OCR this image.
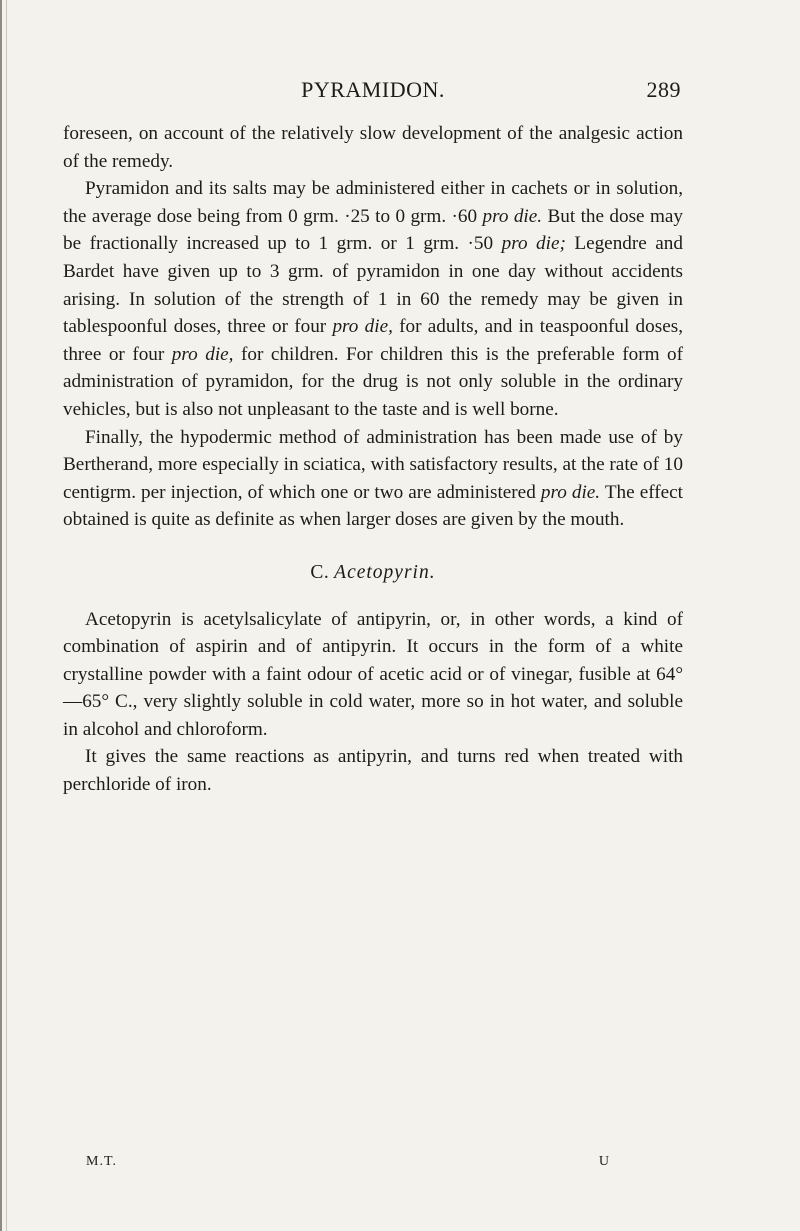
PYRAMIDON.	289

foreseen, on account of the relatively slow development of the analgesic action of the remedy.

Pyramidon and its salts may be administered either in cachets or in solution, the average dose being from 0 grm. ·25 to 0 grm. ·60 pro die. But the dose may be fractionally increased up to 1 grm. or 1 grm. ·50 pro die; Legendre and Bardet have given up to 3 grm. of pyramidon in one day without accidents arising. In solution of the strength of 1 in 60 the remedy may be given in tablespoonful doses, three or four pro die, for adults, and in teaspoonful doses, three or four pro die, for children. For children this is the preferable form of administration of pyramidon, for the drug is not only soluble in the ordinary vehicles, but is also not unpleasant to the taste and is well borne.

Finally, the hypodermic method of administration has been made use of by Bertherand, more especially in sciatica, with satisfactory results, at the rate of 10 centigrm. per injection, of which one or two are administered pro die. The effect obtained is quite as definite as when larger doses are given by the mouth.

C. Acetopyrin.

Acetopyrin is acetylsalicylate of antipyrin, or, in other words, a kind of combination of aspirin and of antipyrin. It occurs in the form of a white crystalline powder with a faint odour of acetic acid or of vinegar, fusible at 64°—65° C., very slightly soluble in cold water, more so in hot water, and soluble in alcohol and chloroform.

It gives the same reactions as antipyrin, and turns red when treated with perchloride of iron.

M.T.	U
